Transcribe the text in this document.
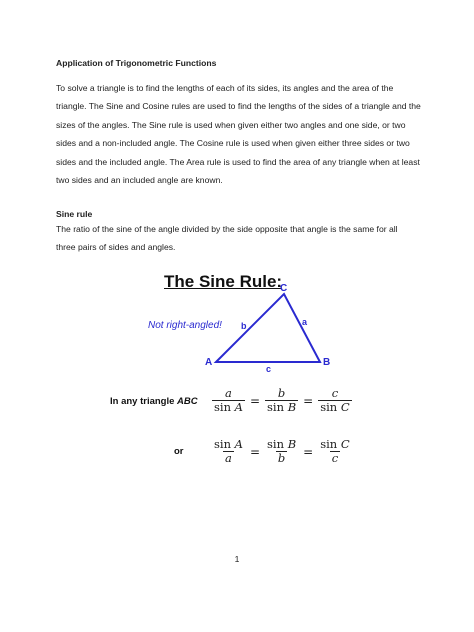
Application of Trigonometric Functions
To solve a triangle is to find the lengths of each of its sides, its angles and the area of the
triangle. The Sine and Cosine rules are used to find the lengths of the sides of a triangle and the
sizes of the angles. The Sine rule is used when given either two angles and one side, or two
sides and a non-included angle. The Cosine rule is used when given either three sides or two
sides and the included angle. The Area rule is used to find the area of any triangle when at least
two sides and an included angle are known.
Sine rule
The ratio of the sine of the angle divided by the side opposite that angle is the same for all
three pairs of sides and angles.
The Sine Rule:
Not right-angled!
C
A	B
b	a
c
In any triangle ABC $\frac{a}{\text{sin A}} = \frac{b}{\text{sin B}} = \frac{c}{\text{sin C}}$
or $\frac{\text{sin A}}{a} = \frac{\text{sin B}}{b} = \frac{\text{sin C}}{c}$
1
